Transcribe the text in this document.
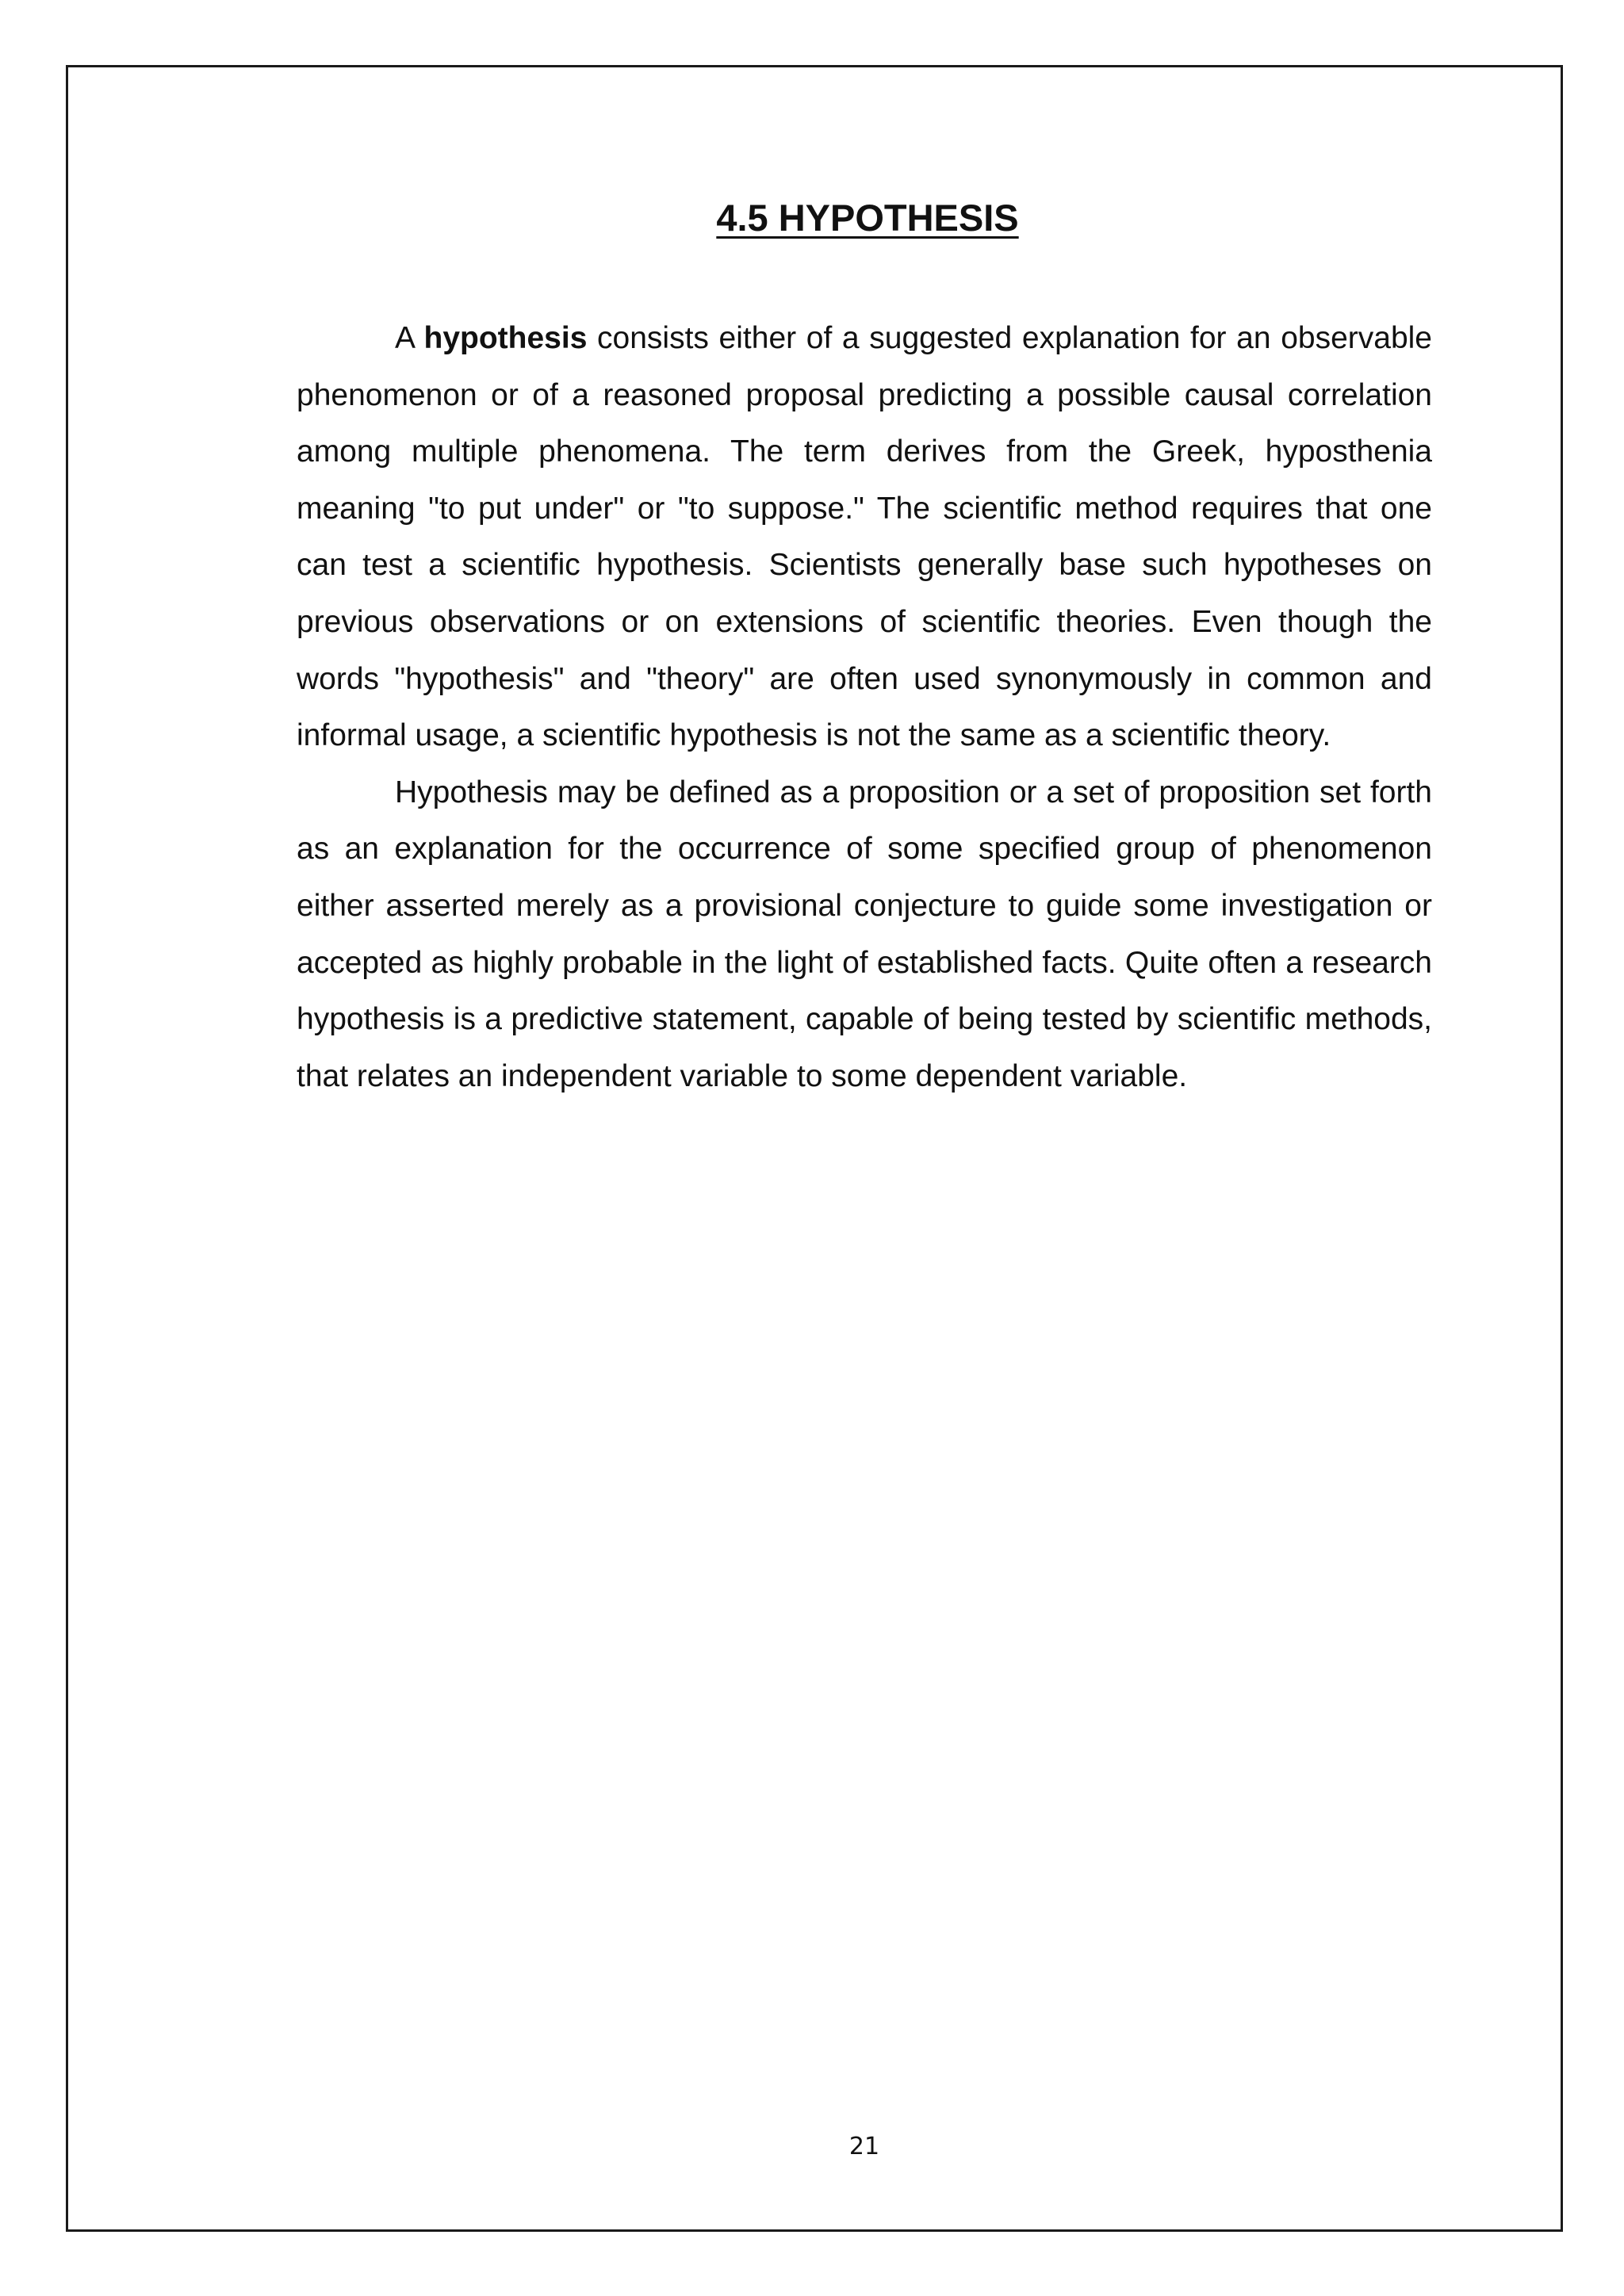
4.5 HYPOTHESIS

A hypothesis consists either of a suggested explanation for an observable phenomenon or of a reasoned proposal predicting a possible causal correlation among multiple phenomena. The term derives from the Greek, hyposthenia meaning "to put under" or "to suppose." The scientific method requires that one can test a scientific hypothesis. Scientists generally base such hypotheses on previous observations or on extensions of scientific theories. Even though the words "hypothesis" and "theory" are often used synonymously in common and informal usage, a scientific hypothesis is not the same as a scientific theory.

Hypothesis may be defined as a proposition or a set of proposition set forth as an explanation for the occurrence of some specified group of phenomenon either asserted merely as a provisional conjecture to guide some investigation or accepted as highly probable in the light of established facts. Quite often a research hypothesis is a predictive statement, capable of being tested by scientific methods, that relates an independent variable to some dependent variable.

21
